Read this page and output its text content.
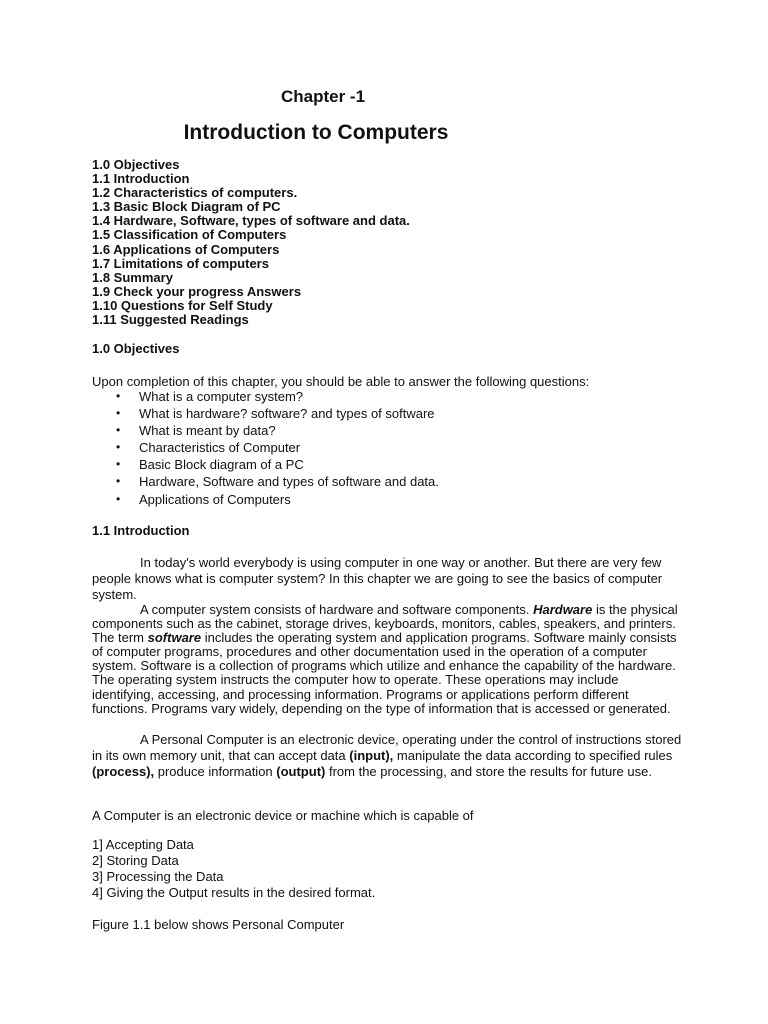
Chapter -1
Introduction to Computers
1.0 Objectives
1.1 Introduction
1.2 Characteristics of computers.
1.3 Basic Block Diagram of PC
1.4 Hardware, Software, types of software and data.
1.5 Classification of Computers
1.6 Applications of Computers
1.7 Limitations of computers
1.8 Summary
1.9 Check your progress Answers
1.10 Questions for Self Study
1.11 Suggested Readings
1.0 Objectives

Upon completion of this chapter, you should be able to answer the following questions:

• What is a computer system?
• What is hardware? software? and types of software
• What is meant by data?
• Characteristics of Computer
• Basic Block diagram of a PC
• Hardware, Software and types of software and data.
• Applications of Computers
1.1 Introduction

In today's world everybody is using computer in one way or another. But there are very few people knows what is computer system? In this chapter we are going to see the basics of computer system.

A computer system consists of hardware and software components. Hardware is the physical components such as the cabinet, storage drives, keyboards, monitors, cables, speakers, and printers. The term software includes the operating system and application programs. Software mainly consists of computer programs, procedures and other documentation used in the operation of a computer system. Software is a collection of programs which utilize and enhance the capability of the hardware. The operating system instructs the computer how to operate. These operations may include identifying, accessing, and processing information. Programs or applications perform different functions. Programs vary widely, depending on the type of information that is accessed or generated.

A Personal Computer is an electronic device, operating under the control of instructions stored in its own memory unit, that can accept data (input), manipulate the data according to specified rules (process), produce information (output) from the processing, and store the results for future use.

A Computer is an electronic device or machine which is capable of

1] Accepting Data
2] Storing Data
3] Processing the Data
4] Giving the Output results in the desired format.

Figure 1.1 below shows Personal Computer
